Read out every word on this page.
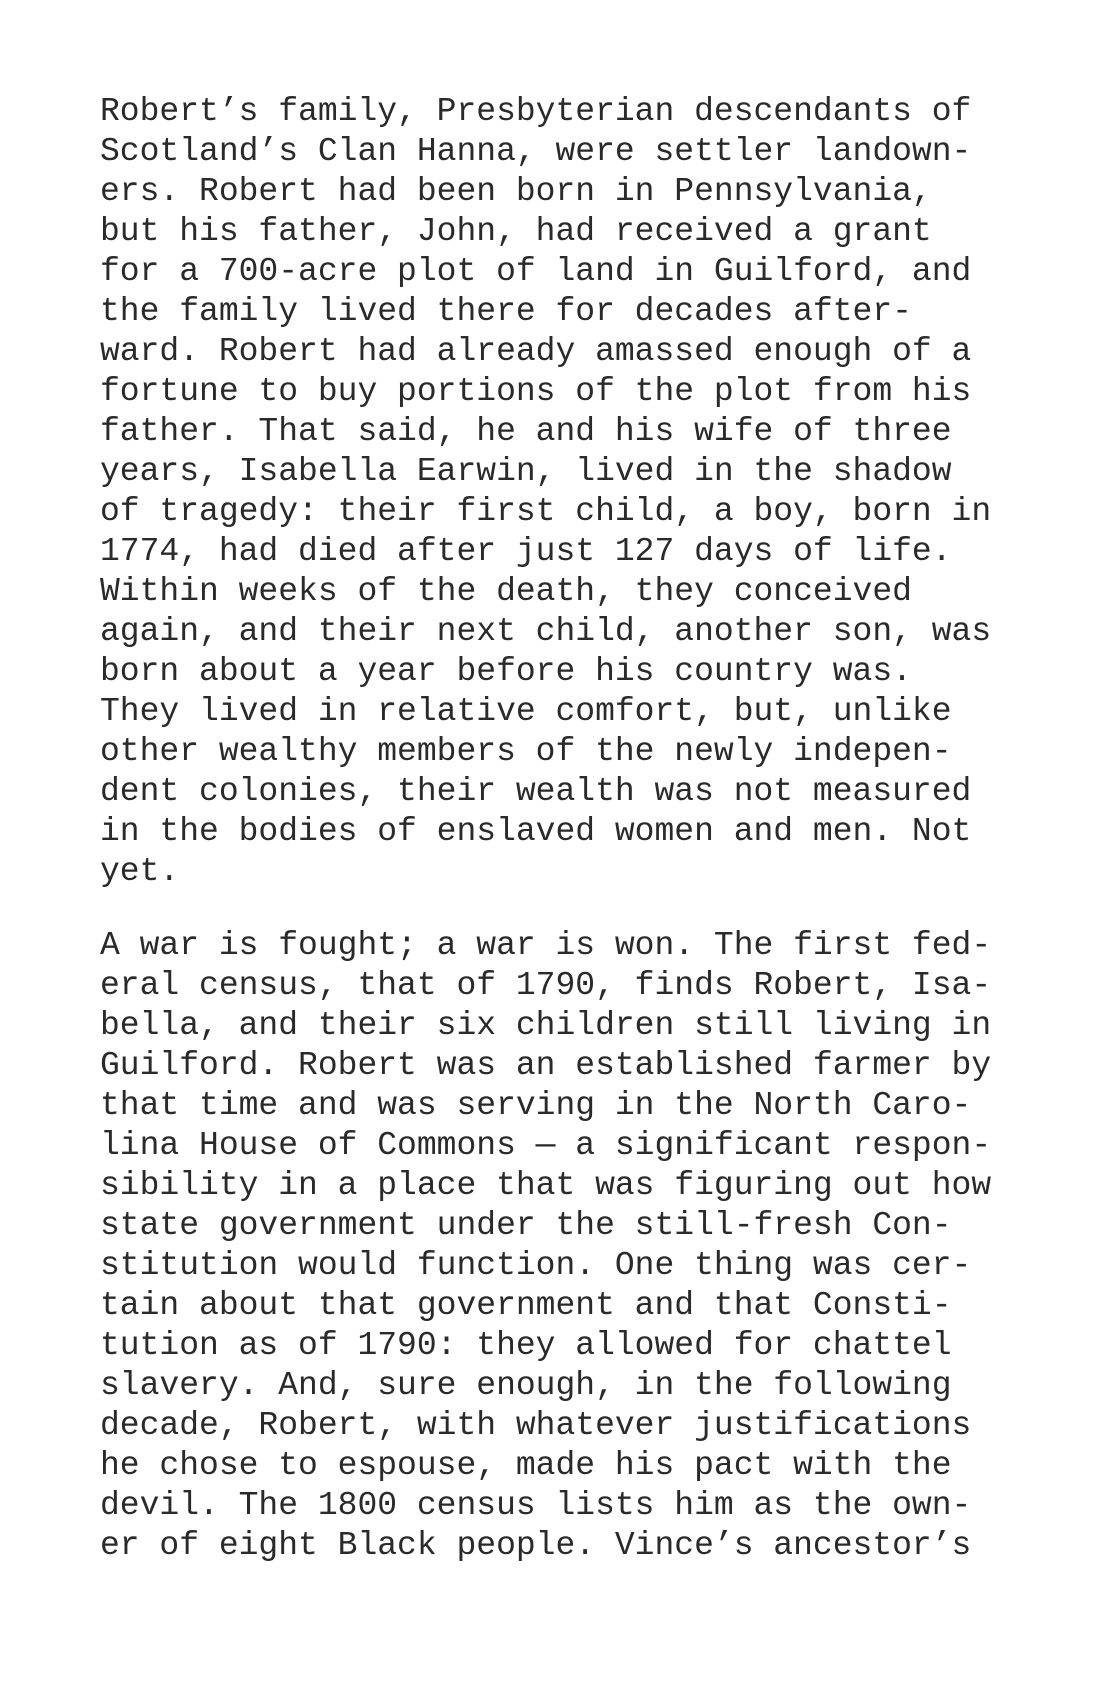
Robert’s family, Presbyterian descendants of
Scotland’s Clan Hanna, were settler landown-
ers. Robert had been born in Pennsylvania,
but his father, John, had received a grant
for a 700-acre plot of land in Guilford, and
the family lived there for decades after-
ward. Robert had already amassed enough of a
fortune to buy portions of the plot from his
father. That said, he and his wife of three
years, Isabella Earwin, lived in the shadow
of tragedy: their first child, a boy, born in
1774, had died after just 127 days of life.
Within weeks of the death, they conceived
again, and their next child, another son, was
born about a year before his country was.
They lived in relative comfort, but, unlike
other wealthy members of the newly indepen-
dent colonies, their wealth was not measured
in the bodies of enslaved women and men. Not
yet.
A war is fought; a war is won. The first fed-
eral census, that of 1790, finds Robert, Isa-
bella, and their six children still living in
Guilford. Robert was an established farmer by
that time and was serving in the North Caro-
lina House of Commons — a significant respon-
sibility in a place that was figuring out how
state government under the still-fresh Con-
stitution would function. One thing was cer-
tain about that government and that Consti-
tution as of 1790: they allowed for chattel
slavery. And, sure enough, in the following
decade, Robert, with whatever justifications
he chose to espouse, made his pact with the
devil. The 1800 census lists him as the own-
er of eight Black people. Vince’s ancestor’s
